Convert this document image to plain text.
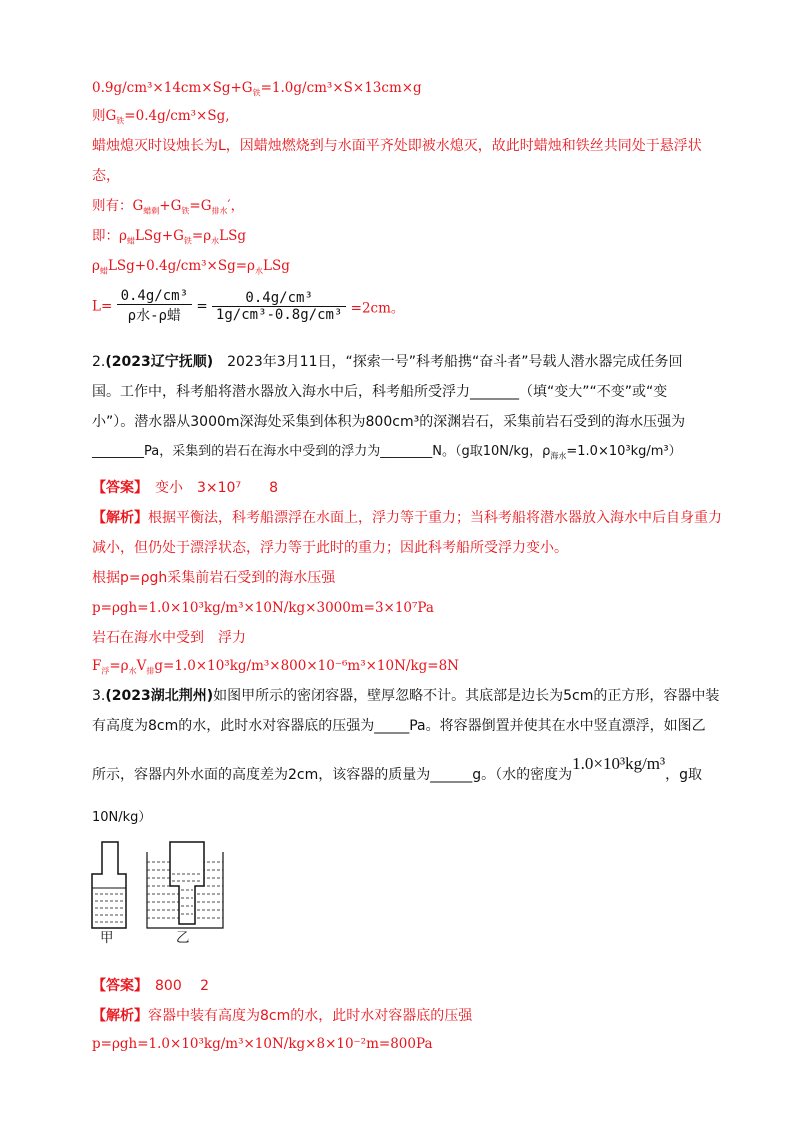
$0.9g/cm^3\times 14cm\times Sg+G_铁=1.0g/cm^3\times S\times 13cm\times g$
则$G_铁=0.4g/cm^3\times Sg$,
蜡烛熄灭时设烛长为L，因蜡烛燃烧到与水面平齐处即被水熄灭，故此时蜡烛和铁丝共同处于悬浮状
态，
则有：$G_{蜡剩}+G_铁=G_{排水}'$，
即：$\rho_蜡LSg+G_铁=\rho_水LSg$
$\rho_蜡LSg+0.4g/cm^3\times Sg=\rho_水LSg$
$L= \frac{\text{0.4g/cm³}}{\text{ρ水-ρ蜡}} = \frac{\text{0.4g/cm³}}{\text{1g/cm³-0.8g/cm³}} =2cm$。
2.(2023辽宁抚顺)　 2023年3月11日，“探索一号”科考船携“奋斗者”号载人潜水器完成任务回
国。工作中，科考船将潜水器放入海水中后，科考船所受浮力_______（填“变大”“不变”或“变
小”）。潜水器从3000m深海处采集到体积为800cm³的深渊岩石，采集前岩石受到的海水压强为
________Pa，采集到的岩石在海水中受到的浮力为________N。（g取10N/kg，$\rho_{海水}=1.0\times 10^3kg/m^3$）
【答案】　 变小　3×10⁷　　8
【解析】根据平衡法，科考船漂浮在水面上，浮力等于重力；当科考船将潜水器放入海水中后自身重力
减小，但仍处于漂浮状态，浮力等于此时的重力；因此科考船所受浮力变小。
根据p=ρgh采集前岩石受到的海水压强
p=ρgh=1.0×10³kg/m³×10N/kg×3000m=3×10⁷Pa
岩石在海水中受到　浮力
$F_浮=\rho_水V_排g=1.0\times 10^3kg/m^3\times 800\times 10^{-6}m^3\times 10N/kg=8N$
3.(2023湖北荆州)如图甲所示的密闭容器，壁厚忽略不计。其底部是边长为5cm的正方形，容器中装
有高度为8cm的水，此时水对容器底的压强为_____Pa。将容器倒置并使其在水中竖直漂浮，如图乙
所示，容器内外水面的高度差为2cm，该容器的质量为______g。（水的密度为1.0×10³kg/m³，g取
10N/kg）
甲	乙
【答案】　 800　 2
【解析】容器中装有高度为8cm的水，此时水对容器底的压强
p=ρgh=1.0×10³kg/m³×10N/kg×8×10⁻²m=800Pa
